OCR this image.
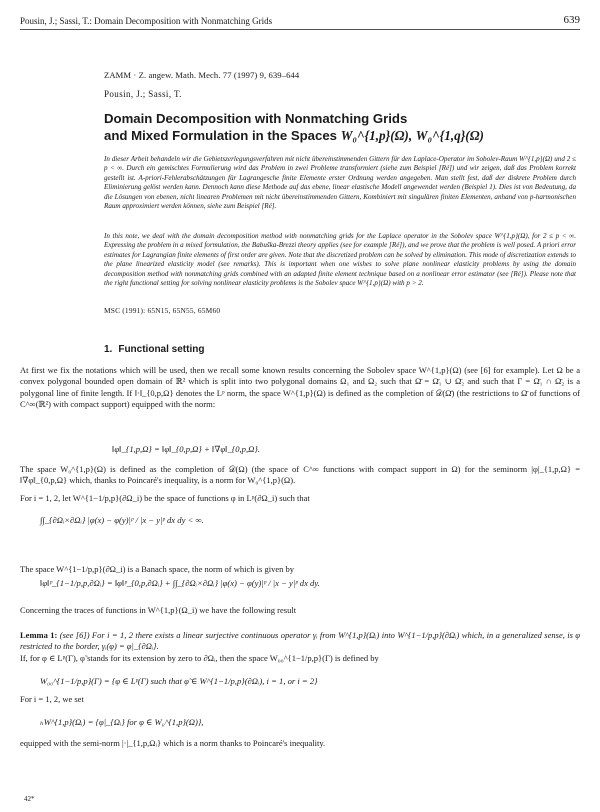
Pousin, J.; Sassi, T.: Domain Decomposition with Nonmatching Grids	639
ZAMM · Z. angew. Math. Mech. 77 (1997) 9, 639–644
Pousin, J.; Sassi, T.
Domain Decomposition with Nonmatching Grids
and Mixed Formulation in the Spaces W₀^{1,p}(Ω), W₀^{1,q}(Ω)

In dieser Arbeit behandeln wir die Gebietszerlegungsverfahren mit nicht übereinstimmenden Gittern für den Laplace-Operator im Sobolev-Raum W^{1,p}(Ω) und 2 ≤ p < ∞. Durch ein gemischtes Formulierung wird das Problem in zwei Probleme transformiert (siehe zum Beispiel [Ré]) und wir zeigen, daß das Problem korrekt gestellt ist. A-priori-Fehlerabschätzungen für Lagrangesche finite Elemente erster Ordnung werden angegeben. Man stellt fest, daß der diskrete Problem durch Eliminierung gelöst werden kann. Dennoch kann diese Methode auf das ebene, linear elastische Modell angewendet werden (Beispiel 1). Dies ist von Bedeutung, da die Lösungen von ebenen, nicht linearen Problemen mit nicht übereinstimmenden Gittern, Kombiniert mit singulären finiten Elementen, anhand von p-harmonischen Raum approximiert werden können, siehe zum Beispiel [Ré].

In this note, we deal with the domain decomposition method with nonmatching grids for the Laplace operator in the Sobolev space W^{1,p}(Ω), for 2 ≤ p < ∞. Expressing the problem in a mixed formulation, the Babuška-Brezzi theory applies (see for example [Ré]), and we prove that the problem is well posed. A priori error estimates for Lagrangian finite elements of first order are given. Note that the discretized problem can be solved by elimination. This mode of discretization extends to the plane linearized elasticity model (see remarks). This is important when one wishes to solve plane nonlinear elasticity problems by using the domain decomposition method with nonmatching grids combined with an adapted finite element technique based on a nonlinear error estimator (see [Ré]). Please note that the right functional setting for solving nonlinear elasticity problems is the Sobolev space W^{1,p}(Ω) with p > 2.

MSC (1991): 65N15, 65N55, 65M60
1. Functional setting

At first we fix the notations which will be used, then we recall some known results concerning the Sobolev space W^{1,p}(Ω) (see [6] for example). Let Ω be a convex polygonal bounded open domain of ℝ² which is split into two polygonal domains Ω₁ and Ω₂ such that Ω̄ = Ω̄₁ ∪ Ω̄₂ and such that Γ = Ω̄₁ ∩ Ω̄₂ is a polygonal line of finite length. If ‖·‖_{0,p,Ω} denotes the Lᵖ norm, the space W^{1,p}(Ω) is defined as the completion of 𝒟(Ω̄) (the restrictions to Ω̄ of functions of C^∞(ℝ²) with compact support) equipped with the norm:

‖φ‖_{1,p,Ω} = ‖φ‖_{0,p,Ω} + ‖∇φ‖_{0,p,Ω}.

The space W₀^{1,p}(Ω) is defined as the completion of 𝒟(Ω) (the space of C^∞ functions with compact support in Ω) for the seminorm |φ|_{1,p,Ω} = ‖∇φ‖_{0,p,Ω} which, thanks to Poincaré's inequality, is a norm for W₀^{1,p}(Ω).

For i = 1, 2, let W^{1−1/p,p}(∂Ω_i) be the space of functions φ in Lᵖ(∂Ω_i) such that

∫∫_{∂Ωᵢ×∂Ωᵢ} |φ(x) − φ(y)|ᵖ / |x − y|ᵖ dx dy < ∞.

The space W^{1−1/p,p}(∂Ω_i) is a Banach space, the norm of which is given by

‖φ‖ᵖ_{1−1/p,p,∂Ωᵢ} = ‖φ‖ᵖ_{0,p,∂Ωᵢ} + ∫∫_{∂Ωᵢ×∂Ωᵢ} |φ(x) − φ(y)|ᵖ / |x − y|ᵖ dx dy.

Concerning the traces of functions in W^{1,p}(Ω_i) we have the following result

Lemma 1: (see [6]) For i = 1, 2 there exists a linear surjective continuous operator γᵢ from W^{1,p}(Ωᵢ) into W^{1−1/p,p}(∂Ωᵢ) which, in a generalized sense, is φ restricted to the border, γᵢ(φ) = φ|_{∂Ωᵢ}.

If, for φ ∈ Lᵖ(Γ), φ̃ stands for its extension by zero to ∂Ωᵢ, then the space W₀₀^{1−1/p,p}(Γ) is defined by

W₀₀^{1−1/p,p}(Γ) = {φ ∈ Lᵖ(Γ) such that φ̃ ∈ W^{1−1/p,p}(∂Ωᵢ), i = 1, or i = 2}

For i = 1, 2, we set

ₕW^{1,p}(Ωᵢ) = {φ|_{Ωᵢ} for φ ∈ W₀^{1,p}(Ω)},

equipped with the semi-norm |·|_{1,p,Ωᵢ} which is a norm thanks to Poincaré's inequality.

42*
